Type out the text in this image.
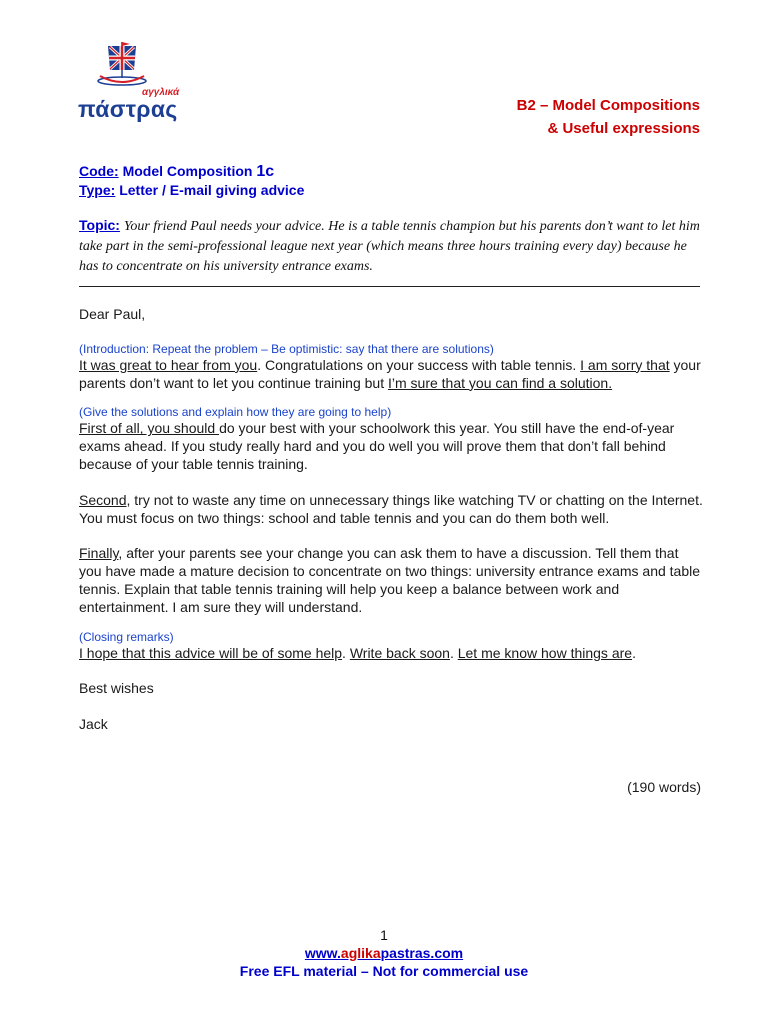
αγγλικά
πάστρας	B2 – Model Compositions
& Useful expressions
Code: Model Composition 1c
Type: Letter / E-mail giving advice
Topic: Your friend Paul needs your advice. He is a table tennis champion but his parents don’t want to let him take part in the semi-professional league next year (which means three hours training every day) because he has to concentrate on his university entrance exams.

Dear Paul,

(Introduction: Repeat the problem – Be optimistic: say that there are solutions)

It was great to hear from you. Congratulations on your success with table tennis. I am sorry that your parents don’t want to let you continue training but I’m sure that you can find a solution.

(Give the solutions and explain how they are going to help)

First of all, you should do your best with your schoolwork this year. You still have the end-of-year exams ahead. If you study really hard and you do well you will prove them that don’t fall behind because of your table tennis training.

Second, try not to waste any time on unnecessary things like watching TV or chatting on the Internet. You must focus on two things: school and table tennis and you can do them both well.

Finally, after your parents see your change you can ask them to have a discussion. Tell them that you have made a mature decision to concentrate on two things: university entrance exams and table tennis. Explain that table tennis training will help you keep a balance between work and entertainment. I am sure they will understand.

(Closing remarks)

I hope that this advice will be of some help. Write back soon. Let me know how things are.

Best wishes

Jack

(190 words)
1
www.aglikapastras.com
Free EFL material – Not for commercial use
